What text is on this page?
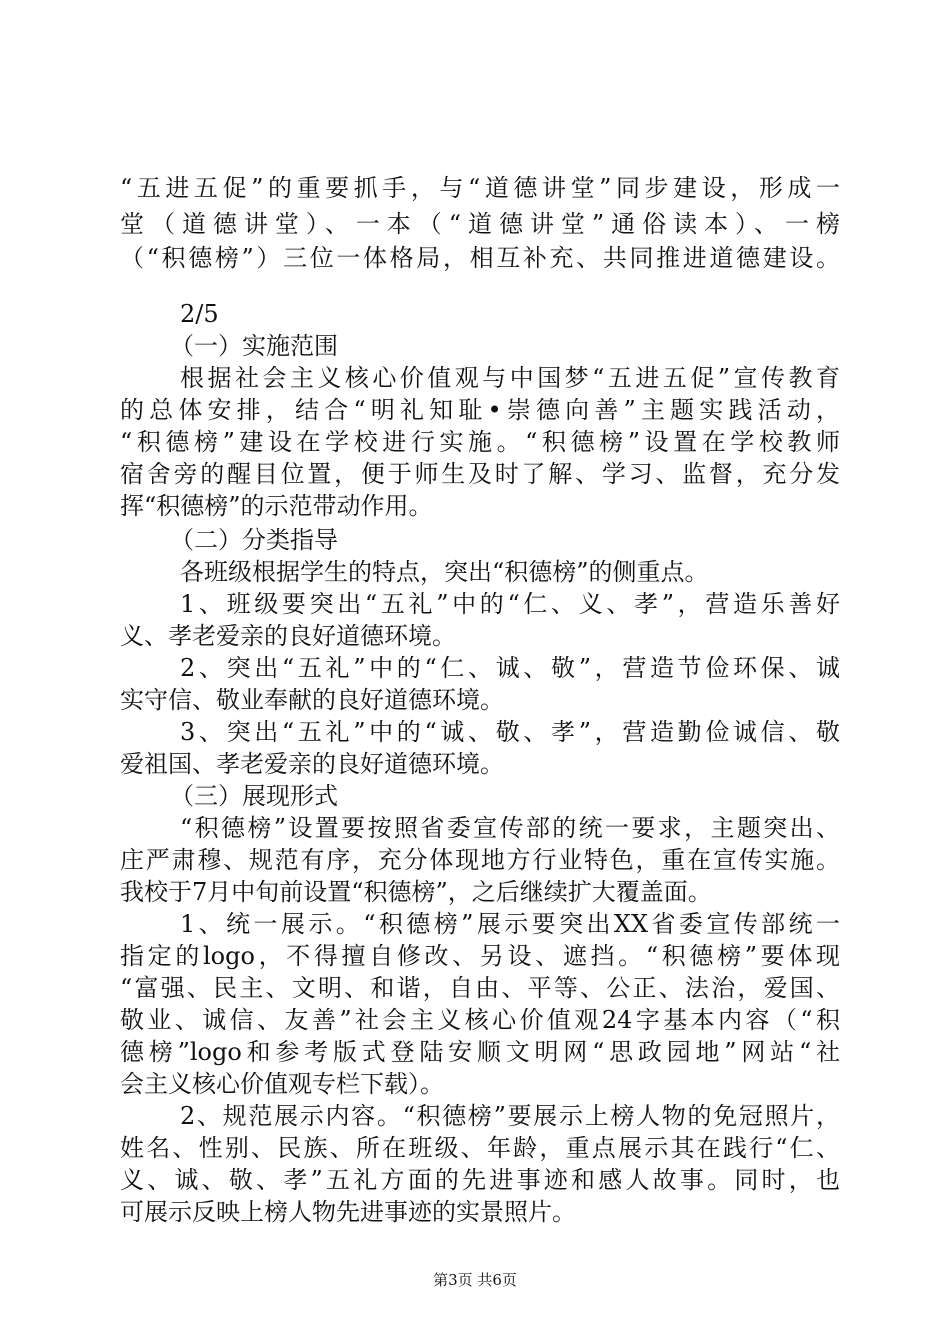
“五进五促”的重要抓手，与“道德讲堂”同步建设，形成一
堂（道德讲堂）、一本（“道德讲堂”通俗读本）、一榜
（“积德榜”）三位一体格局，相互补充、共同推进道德建设。
2/5
（一）实施范围
根据社会主义核心价值观与中国梦“五进五促”宣传教育
的总体安排，结合“明礼知耻•崇德向善”主题实践活动，
“积德榜”建设在学校进行实施。“积德榜”设置在学校教师
宿舍旁的醒目位置，便于师生及时了解、学习、监督，充分发
挥“积德榜”的示范带动作用。
（二）分类指导
各班级根据学生的特点，突出“积德榜”的侧重点。
1、班级要突出“五礼”中的“仁、义、孝”，营造乐善好
义、孝老爱亲的良好道德环境。
2、突出“五礼”中的“仁、诚、敬”，营造节俭环保、诚
实守信、敬业奉献的良好道德环境。
3、突出“五礼”中的“诚、敬、孝”，营造勤俭诚信、敬
爱祖国、孝老爱亲的良好道德环境。
（三）展现形式
“积德榜”设置要按照省委宣传部的统一要求，主题突出、
庄严肃穆、规范有序，充分体现地方行业特色，重在宣传实施。
我校于7月中旬前设置“积德榜”，之后继续扩大覆盖面。
1、统一展示。“积德榜”展示要突出XX省委宣传部统一
指定的logo，不得擅自修改、另设、遮挡。“积德榜”要体现
“富强、民主、文明、和谐，自由、平等、公正、法治，爱国、
敬业、诚信、友善”社会主义核心价值观24字基本内容（“积
德榜”logo和参考版式登陆安顺文明网“思政园地”网站“社
会主义核心价值观专栏下载）。
2、规范展示内容。“积德榜”要展示上榜人物的免冠照片，
姓名、性别、民族、所在班级、年龄，重点展示其在践行“仁、
义、诚、敬、孝”五礼方面的先进事迹和感人故事。同时，也
可展示反映上榜人物先进事迹的实景照片。
第3页 共6页
